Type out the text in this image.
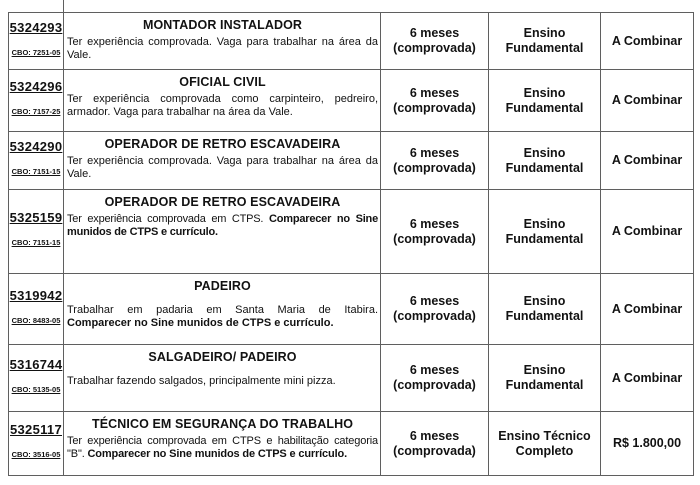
5324293
CBO: 7251-05
MONTADOR INSTALADOR

Ter experiência comprovada. Vaga para trabalhar na área da Vale.

6 meses (comprovada)
Ensino Fundamental
A Combinar
5324296
CBO: 7157-25
OFICIAL CIVIL

Ter experiência comprovada como carpinteiro, pedreiro, armador. Vaga para trabalhar na área da Vale.

6 meses (comprovada)
Ensino Fundamental
A Combinar
5324290
CBO: 7151-15
OPERADOR DE RETRO ESCAVADEIRA

Ter experiência comprovada. Vaga para trabalhar na área da Vale.

6 meses (comprovada)
Ensino Fundamental
A Combinar
5325159
CBO: 7151-15
OPERADOR DE RETRO ESCAVADEIRA

Ter experiência comprovada em CTPS. Comparecer no Sine munidos de CTPS e currículo.

6 meses (comprovada)
Ensino Fundamental
A Combinar
5319942
CBO: 8483-05
PADEIRO

Trabalhar em padaria em Santa Maria de Itabira. Comparecer no Sine munidos de CTPS e currículo.

6 meses (comprovada)
Ensino Fundamental
A Combinar
5316744
CBO: 5135-05
SALGADEIRO/ PADEIRO

Trabalhar fazendo salgados, principalmente mini pizza.

6 meses (comprovada)
Ensino Fundamental
A Combinar
5325117
CBO: 3516-05
TÉCNICO EM SEGURANÇA DO TRABALHO

Ter experiência comprovada em CTPS e habilitação categoria "B". Comparecer no Sine munidos de CTPS e currículo.

6 meses (comprovada)
Ensino Técnico Completo
R$ 1.800,00
